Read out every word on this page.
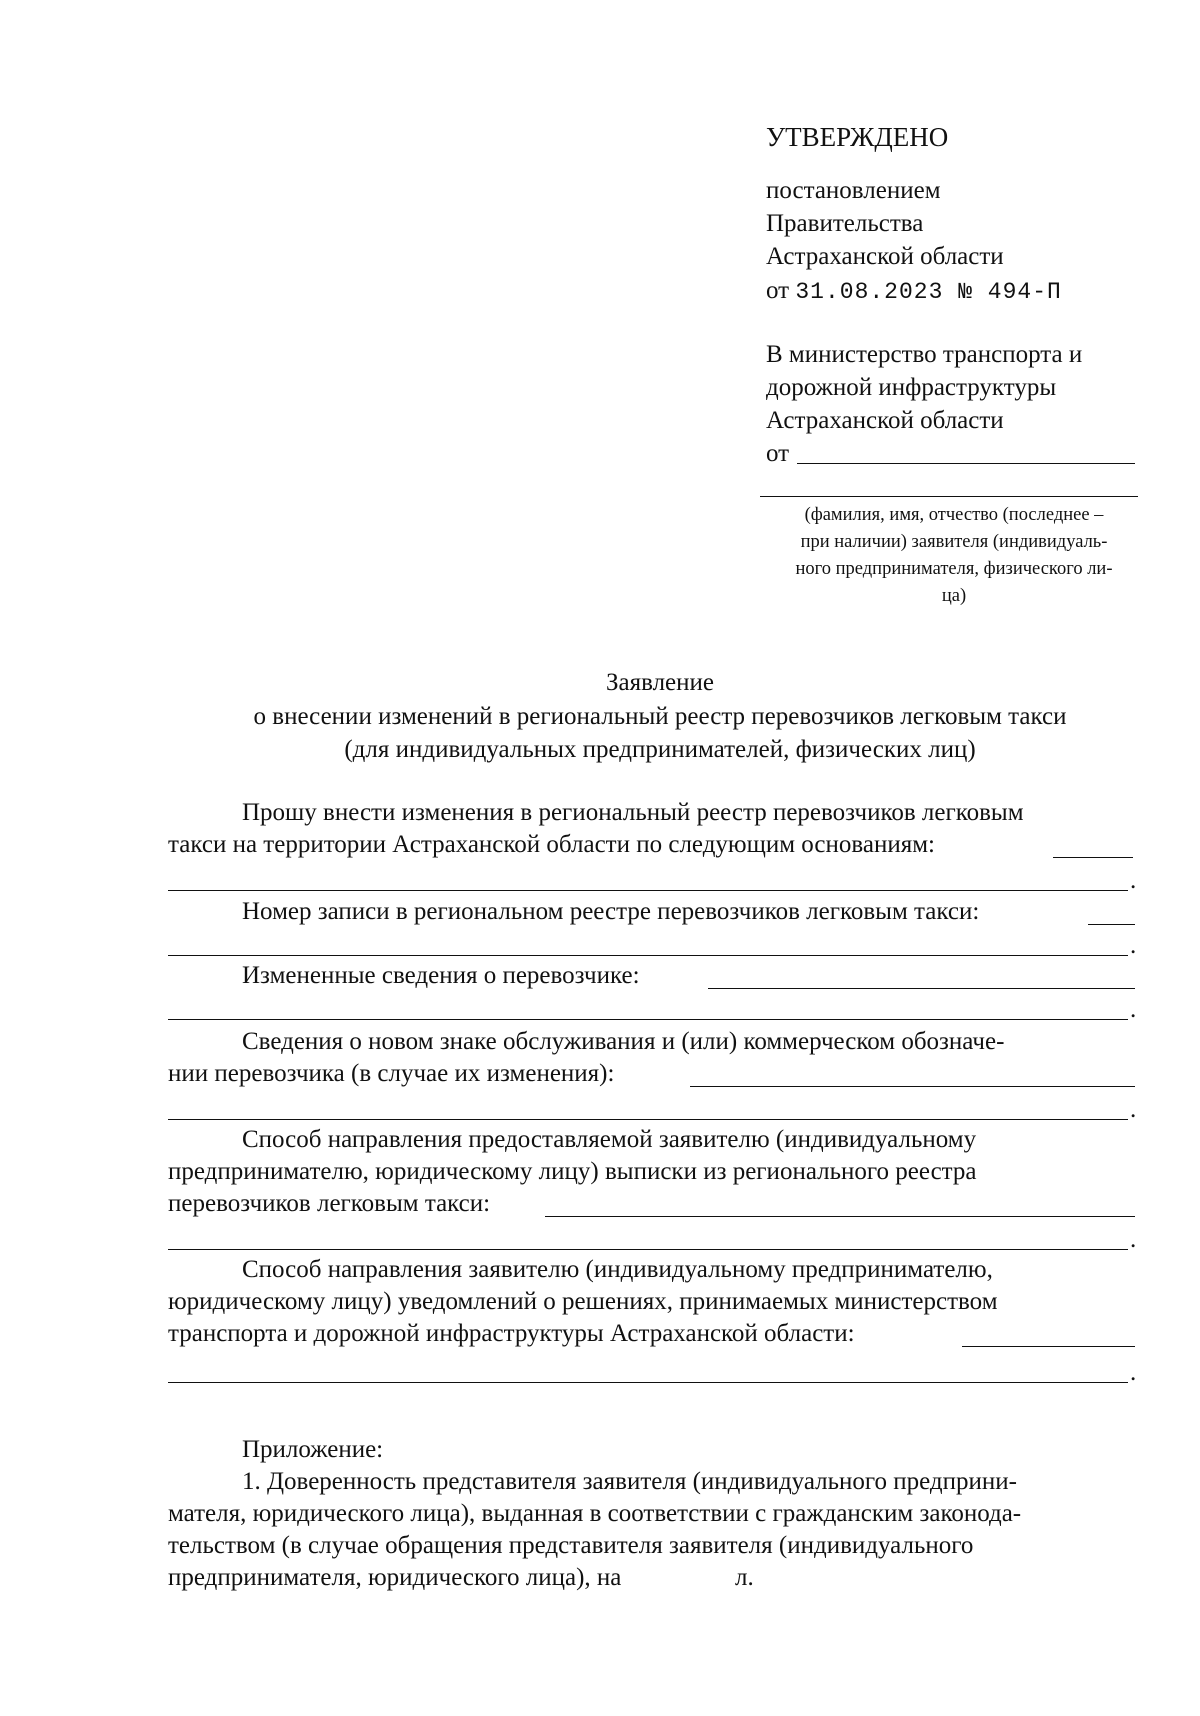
УТВЕРЖДЕНО
постановлением
Правительства
Астраханской области
от 31.08.2023 № 494-П
В министерство транспорта и
дорожной инфраструктуры
Астраханской области
от
(фамилия, имя, отчество (последнее –
при наличии) заявителя (индивидуаль-
ного предпринимателя, физического ли-
ца)
Заявление
о внесении изменений в региональный реестр перевозчиков легковым такси
(для индивидуальных предпринимателей, физических лиц)
Прошу внести изменения в региональный реестр перевозчиков легковым
такси на территории Астраханской области по следующим основаниям:
.
Номер записи в региональном реестре перевозчиков легковым такси:
.
Измененные сведения о перевозчике:
.
Сведения о новом знаке обслуживания и (или) коммерческом обозначе-
нии перевозчика (в случае их изменения):
.
Способ направления предоставляемой заявителю (индивидуальному
предпринимателю, юридическому лицу) выписки из регионального реестра
перевозчиков легковым такси:
.
Способ направления заявителю (индивидуальному предпринимателю,
юридическому лицу) уведомлений о решениях, принимаемых министерством
транспорта и дорожной инфраструктуры Астраханской области:
.
Приложение:
1. Доверенность представителя заявителя (индивидуального предприни-
мателя, юридического лица), выданная в соответствии с гражданским законода-
тельством (в случае обращения представителя заявителя (индивидуального
предпринимателя, юридического лица), на	л.
